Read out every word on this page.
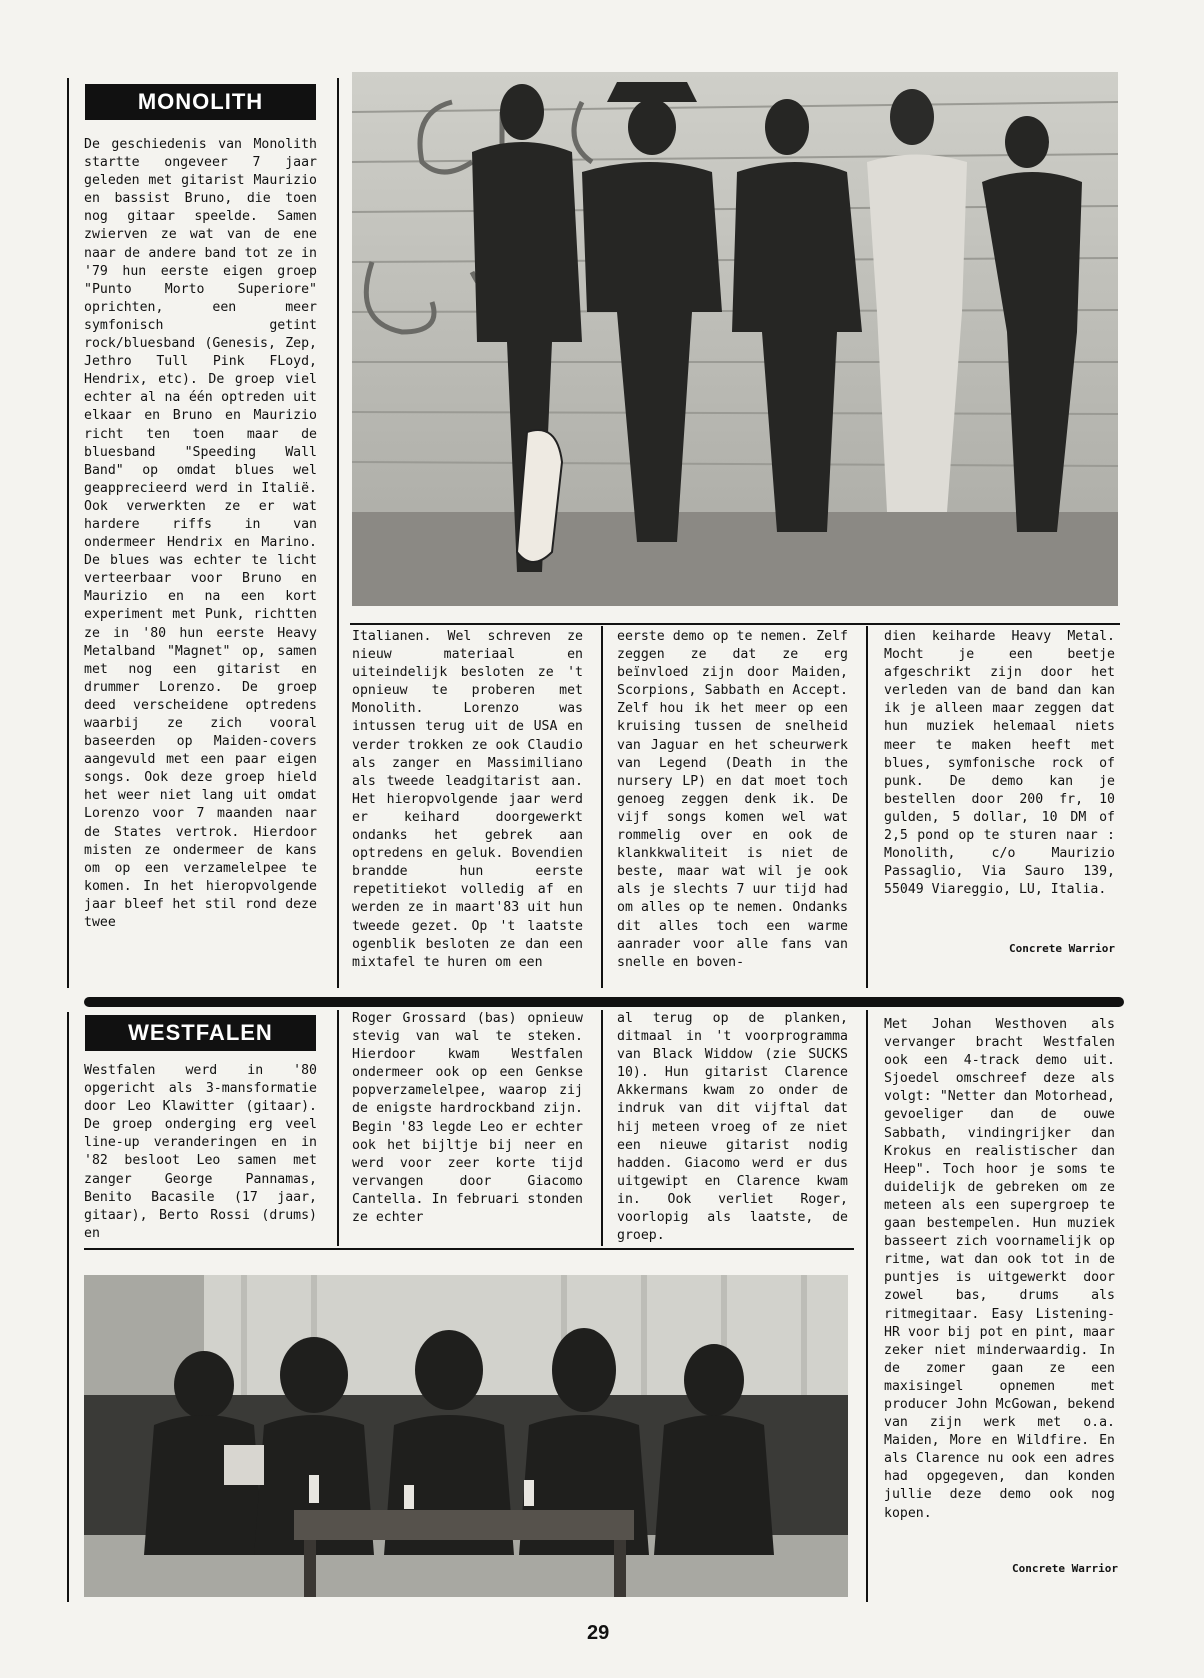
MONOLITH

De geschiedenis van Monolith startte ongeveer 7 jaar geleden met gitarist Maurizio en bassist Bruno, die toen nog gitaar speelde. Samen zwierven ze wat van de ene naar de andere band tot ze in '79 hun eerste eigen groep "Punto Morto Superiore" oprichten, een meer symfonisch getint rock/bluesband (Genesis, Zep, Jethro Tull Pink FLoyd, Hendrix, etc). De groep viel echter al na één optreden uit elkaar en Bruno en Maurizio richt ten toen maar de bluesband "Speeding Wall Band" op omdat blues wel geapprecieerd werd in Italië. Ook verwerkten ze er wat hardere riffs in van ondermeer Hendrix en Marino. De blues was echter te licht verteerbaar voor Bruno en Maurizio en na een kort experiment met Punk, richtten ze in '80 hun eerste Heavy Metalband "Magnet" op, samen met nog een gitarist en drummer Lorenzo. De groep deed verscheidene optredens waarbij ze zich vooral baseerden op Maiden-covers aangevuld met een paar eigen songs. Ook deze groep hield het weer niet lang uit omdat Lorenzo voor 7 maanden naar de States vertrok. Hierdoor misten ze ondermeer de kans om op een verzamelelpee te komen. In het hieropvolgende jaar bleef het stil rond deze twee

Italianen. Wel schreven ze nieuw materiaal en uiteindelijk besloten ze 't opnieuw te proberen met Monolith. Lorenzo was intussen terug uit de USA en verder trokken ze ook Claudio als zanger en Massimiliano als tweede leadgitarist aan. Het hieropvolgende jaar werd er keihard doorgewerkt ondanks het gebrek aan optredens en geluk. Bovendien brandde hun eerste repetitiekot volledig af en werden ze in maart'83 uit hun tweede gezet. Op 't laatste ogenblik besloten ze dan een mixtafel te huren om een

eerste demo op te nemen. Zelf zeggen ze dat ze erg beïnvloed zijn door Maiden, Scorpions, Sabbath en Accept. Zelf hou ik het meer op een kruising tussen de snelheid van Jaguar en het scheurwerk van Legend (Death in the nursery LP) en dat moet toch genoeg zeggen denk ik. De vijf songs komen wel wat rommelig over en ook de klankkwaliteit is niet de beste, maar wat wil je ook als je slechts 7 uur tijd had om alles op te nemen. Ondanks dit alles toch een warme aanrader voor alle fans van snelle en boven-

dien keiharde Heavy Metal. Mocht je een beetje afgeschrikt zijn door het verleden van de band dan kan ik je alleen maar zeggen dat hun muziek helemaal niets meer te maken heeft met blues, symfonische rock of punk. De demo kan je bestellen door 200 fr, 10 gulden, 5 dollar, 10 DM of 2,5 pond op te sturen naar : Monolith, c/o Maurizio Passaglio, Via Sauro 139, 55049 Viareggio, LU, Italia.

Concrete Warrior
WESTFALEN

Westfalen werd in '80 opgericht als 3-mansformatie door Leo Klawitter (gitaar). De groep onderging erg veel line-up veranderingen en in '82 besloot Leo samen met zanger George Pannamas, Benito Bacasile (17 jaar, gitaar), Berto Rossi (drums) en

Roger Grossard (bas) opnieuw stevig van wal te steken. Hierdoor kwam Westfalen ondermeer ook op een Genkse popverzamelelpee, waarop zij de enigste hardrockband zijn. Begin '83 legde Leo er echter ook het bijltje bij neer en werd voor zeer korte tijd vervangen door Giacomo Cantella. In februari stonden ze echter

al terug op de planken, ditmaal in 't voorprogramma van Black Widdow (zie SUCKS 10). Hun gitarist Clarence Akkermans kwam zo onder de indruk van dit vijftal dat hij meteen vroeg of ze niet een nieuwe gitarist nodig hadden. Giacomo werd er dus uitgewipt en Clarence kwam in. Ook verliet Roger, voorlopig als laatste, de groep.

Met Johan Westhoven als vervanger bracht Westfalen ook een 4-track demo uit. Sjoedel omschreef deze als volgt: "Netter dan Motorhead, gevoeliger dan de ouwe Sabbath, vindingrijker dan Krokus en realistischer dan Heep". Toch hoor je soms te duidelijk de gebreken om ze meteen als een supergroep te gaan bestempelen. Hun muziek basseert zich voornamelijk op ritme, wat dan ook tot in de puntjes is uitgewerkt door zowel bas, drums als ritmegitaar. Easy Listening-HR voor bij pot en pint, maar zeker niet minderwaardig. In de zomer gaan ze een maxisingel opnemen met producer John McGowan, bekend van zijn werk met o.a. Maiden, More en Wildfire. En als Clarence nu ook een adres had opgegeven, dan konden jullie deze demo ook nog kopen.

Concrete Warrior
29
